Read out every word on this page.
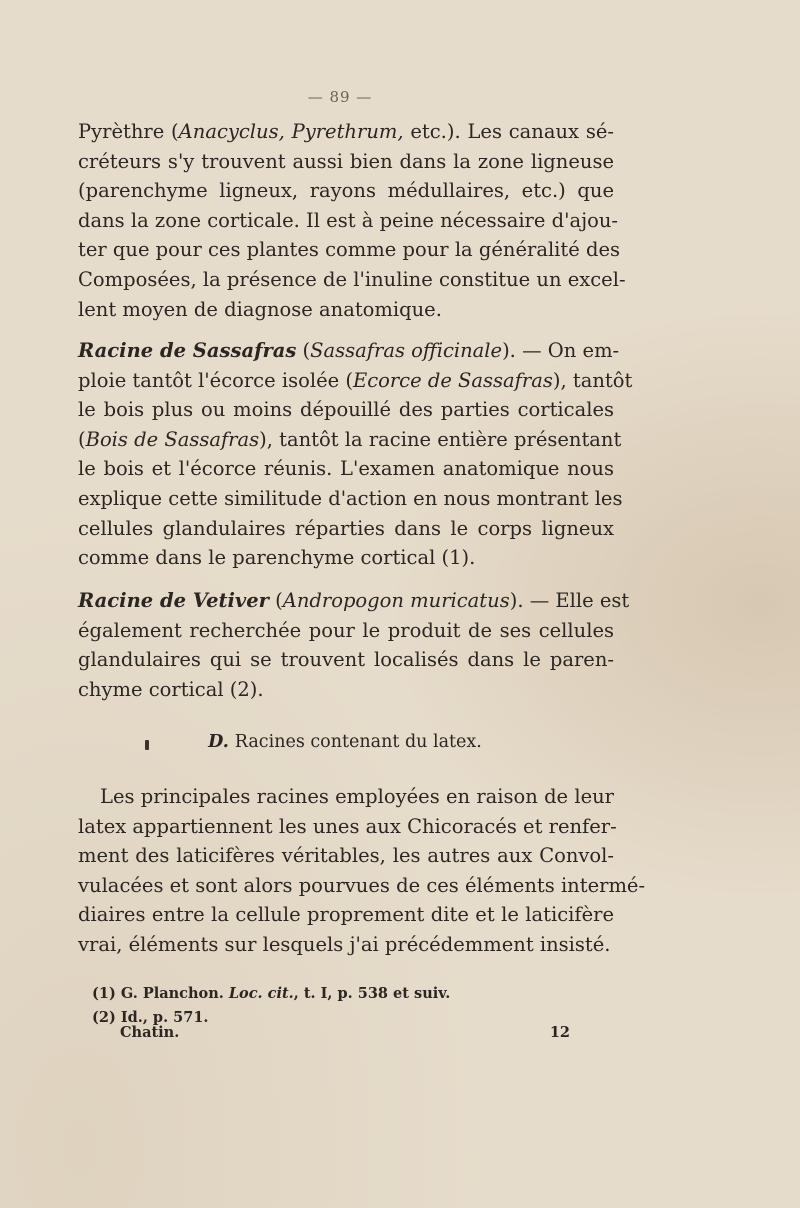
— 89 —
Pyrèthre (Anacyclus, Pyrethrum, etc.). Les canaux sé-
créteurs s'y trouvent aussi bien dans la zone ligneuse
(parenchyme ligneux, rayons médullaires, etc.) que
dans la zone corticale. Il est à peine nécessaire d'ajou-
ter que pour ces plantes comme pour la généralité des
Composées, la présence de l'inuline constitue un excel-
lent moyen de diagnose anatomique.
Racine de Sassafras (Sassafras officinale). — On em-
ploie tantôt l'écorce isolée (Ecorce de Sassafras), tantôt
le bois plus ou moins dépouillé des parties corticales
(Bois de Sassafras), tantôt la racine entière présentant
le bois et l'écorce réunis. L'examen anatomique nous
explique cette similitude d'action en nous montrant les
cellules glandulaires réparties dans le corps ligneux
comme dans le parenchyme cortical (1).
Racine de Vetiver (Andropogon muricatus). — Elle est
également recherchée pour le produit de ses cellules
glandulaires qui se trouvent localisés dans le paren-
chyme cortical (2).
D. Racines contenant du latex.
Les principales racines employées en raison de leur
latex appartiennent les unes aux Chicoracés et renfer-
ment des laticifères véritables, les autres aux Convol-
vulacées et sont alors pourvues de ces éléments intermé-
diaires entre la cellule proprement dite et le laticifère
vrai, éléments sur lesquels j'ai précédemment insisté.
(1) G. Planchon. Loc. cit., t. I, p. 538 et suiv.
(2) Id., p. 571.
Chatin.	12
